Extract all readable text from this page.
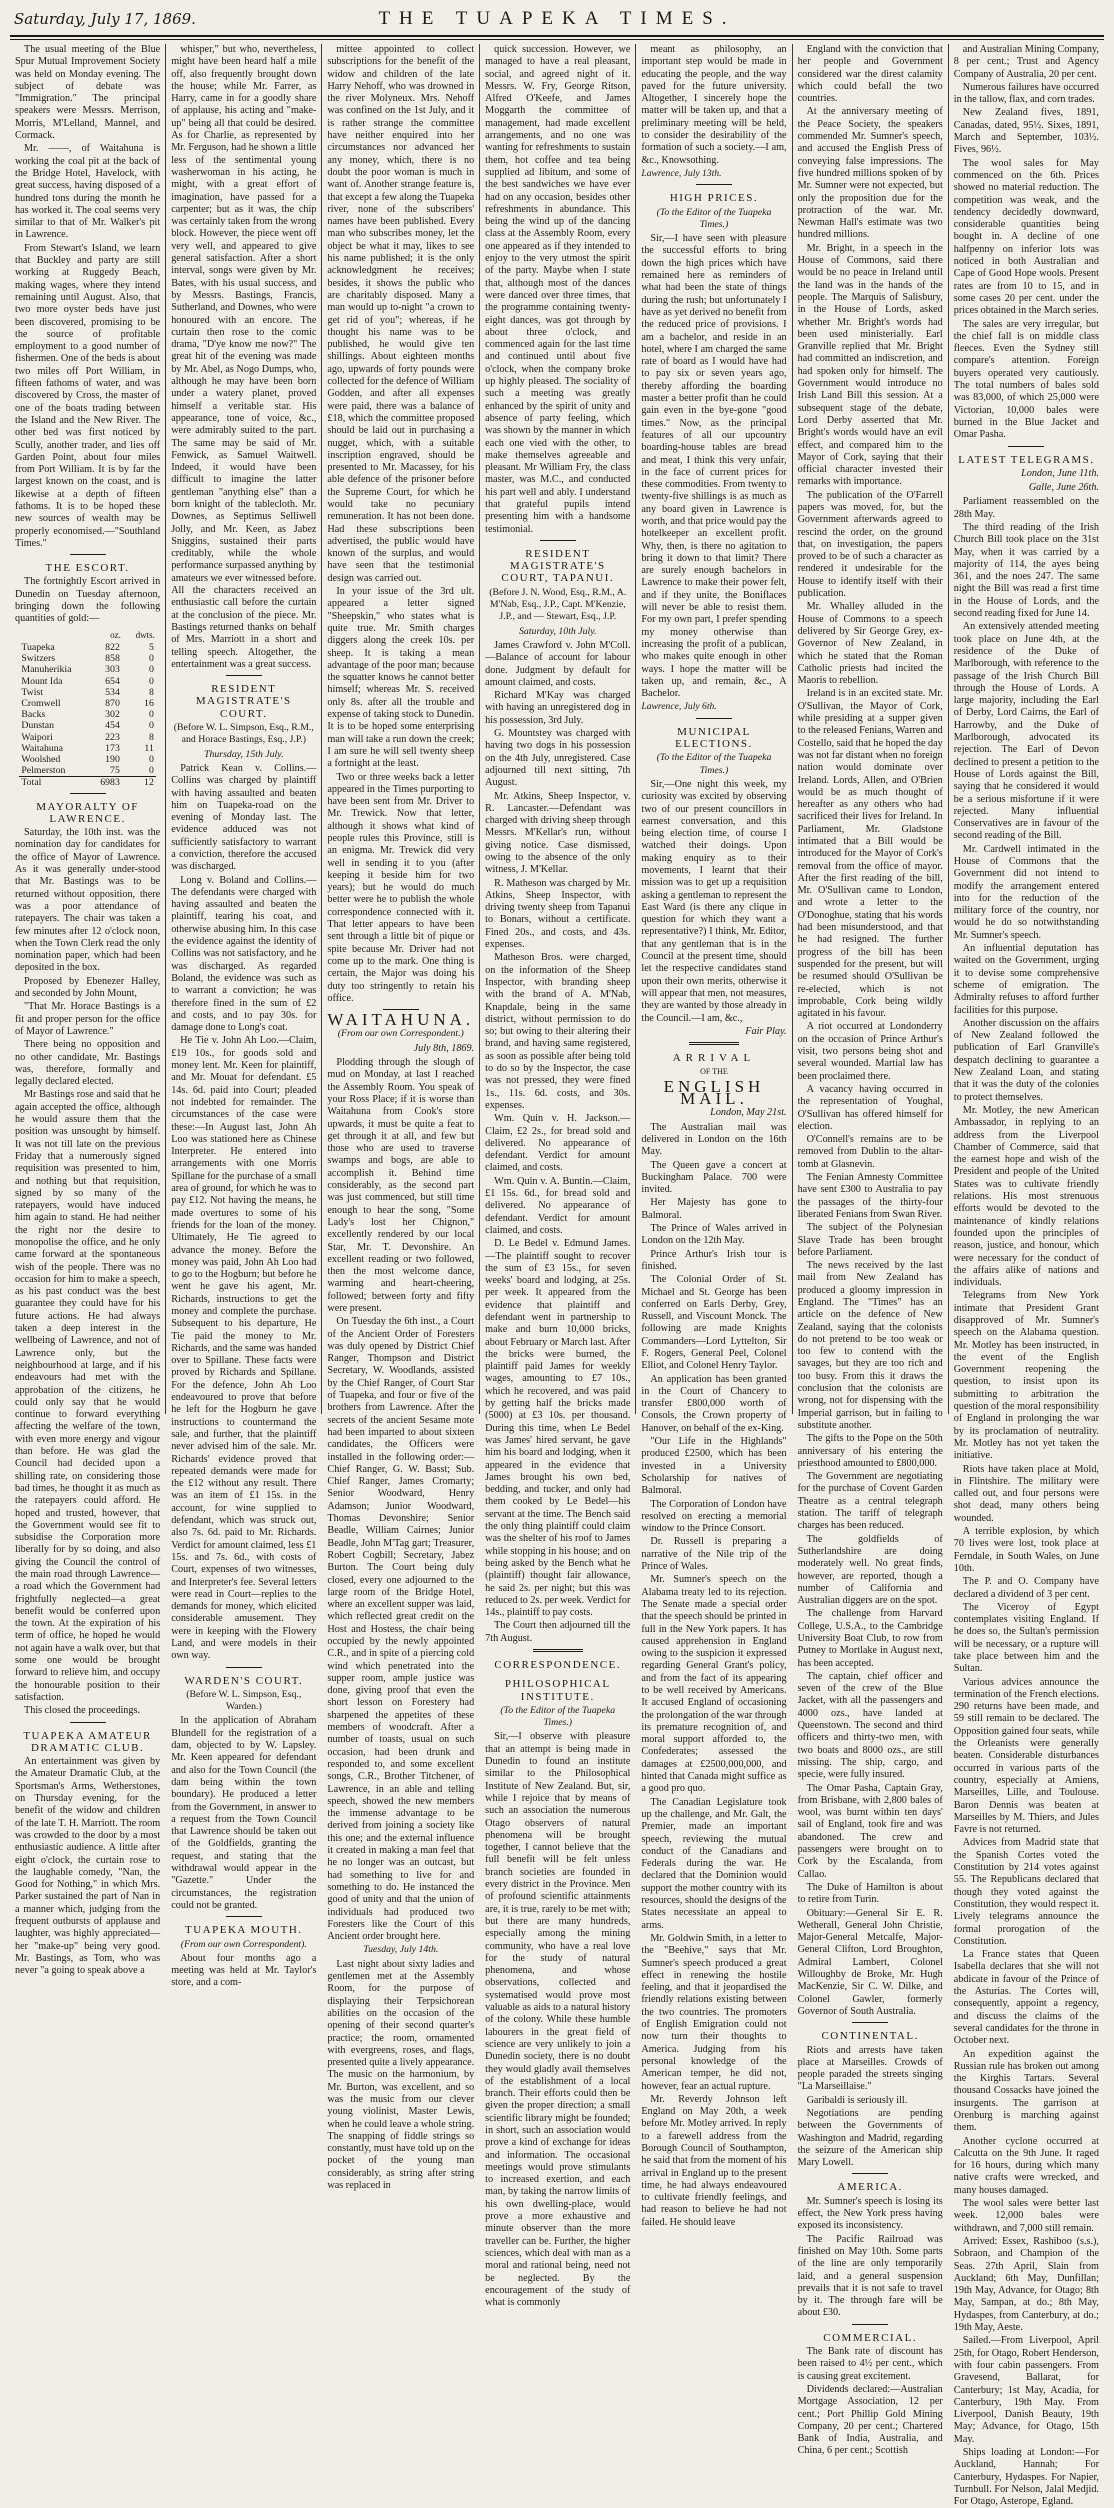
Saturday, July 17, 1869.	THE TUAPEKA TIMES.

The usual meeting of the Blue Spur Mutual Improvement Society was held on Monday evening. The subject of debate was "Immigration." The principal speakers were Messrs. Merrison, Morris, M'Lelland, Mannel, and Cormack.

Mr. ——, of Waitahuna is working the coal pit at the back of the Bridge Hotel, Havelock, with great success, having disposed of a hundred tons during the month he has worked it. The coal seems very similar to that of Mr. Walker's pit in Lawrence.

From Stewart's Island, we learn that Buckley and party are still working at Ruggedy Beach, making wages, where they intend remaining until August. Also, that two more oyster beds have just been discovered, promising to be the source of profitable employment to a good number of fishermen. One of the beds is about two miles off Port William, in fifteen fathoms of water, and was discovered by Cross, the master of one of the boats trading between the Island and the New River. The other bed was first noticed by Scully, another trader, and lies off Garden Point, about four miles from Port William. It is by far the largest known on the coast, and is likewise at a depth of fifteen fathoms. It is to be hoped these new sources of wealth may be properly economised.—"Southland Times."

THE ESCORT.

The fortnightly Escort arrived in Dunedin on Tuesday afternoon, bringing down the following quantities of gold:—

	oz.	dwts.
Tuapeka	822	5
Switzers	858	0
Manuherikia	303	0
Mount Ida	654	0
Twist	534	8
Cromwell	870	16
Backs	302	0
Dunstan	454	0
Waipori	223	8
Waitahuna	173	11
Woolshed	190	0
Pelmerston	75	0
Total	6983	12
MAYORALTY OF LAWRENCE.

Saturday, the 10th inst. was the nomination day for candidates for the office of Mayor of Lawrence. As it was generally under-stood that Mr. Bastings was to be returned without opposition, there was a poor attendance of ratepayers. The chair was taken a few minutes after 12 o'clock noon, when the Town Clerk read the only nomination paper, which had been deposited in the box.

Proposed by Ebenezer Halley, and seconded by John Mount,

"That Mr. Horace Bastings is a fit and proper person for the office of Mayor of Lawrence."

There being no opposition and no other candidate, Mr. Bastings was, therefore, formally and legally declared elected.

Mr Bastings rose and said that he again accepted the office, although he would assure them that the position was unsought by himself. It was not till late on the previous Friday that a numerously signed requisition was presented to him, and nothing but that requisition, signed by so many of the ratepayers, would have induced him again to stand. He had neither the right nor the desire to monopolise the office, and he only came forward at the spontaneous wish of the people. There was no occasion for him to make a speech, as his past conduct was the best guarantee they could have for his future actions. He had always taken a deep interest in the wellbeing of Lawrence, and not of Lawrence only, but the neighbourhood at large, and if his endeavours had met with the approbation of the citizens, he could only say that he would continue to forward everything affecting the welfare of the town, with even more energy and vigour than before. He was glad the Council had decided upon a shilling rate, on considering those bad times, he thought it as much as the ratepayers could afford. He hoped and trusted, however, that the Government would see fit to subsidise the Corporation more liberally for by so doing, and also giving the Council the control of the main road through Lawrence—a road which the Government had frightfully neglected—a great benefit would be conferred upon the town. At the expiration of his term of office, he hoped he would not again have a walk over, but that some one would be brought forward to relieve him, and occupy the honourable position to their satisfaction.

This closed the proceedings.

TUAPEKA AMATEUR DRAMATIC CLUB.

An entertainment was given by the Amateur Dramatic Club, at the Sportsman's Arms, Wetherstones, on Thursday evening, for the benefit of the widow and children of the late T. H. Marriott. The room was crowded to the door by a most enthusiastic audience. A little after eight o'clock, the curtain rose to the laughable comedy, "Nan, the Good for Nothing," in which Mrs. Parker sustained the part of Nan in a manner which, judging from the frequent outbursts of applause and laughter, was highly appreciated—her "make-up" being very good. Mr. Bastings, as Tom, who was never "a going to speak above a

whisper," but who, nevertheless, might have been heard half a mile off, also frequently brought down the house; while Mr. Farrer, as Harry, came in for a goodly share of applause, his acting and "make-up" being all that could be desired. As for Charlie, as represented by Mr. Ferguson, had he shown a little less of the sentimental young washerwoman in his acting, he might, with a great effort of imagination, have passed for a carpenter; but as it was, the chip was certainly taken from the wrong block. However, the piece went off very well, and appeared to give general satisfaction. After a short interval, songs were given by Mr. Bates, with his usual success, and by Messrs. Bastings, Francis, Sutherland, and Downes, who were honoured with an encore. The curtain then rose to the comic drama, "D'ye know me now?" The great hit of the evening was made by Mr. Abel, as Nogo Dumps, who, although he may have been born under a watery planet, proved himself a veritable star. His appearance, tone of voice, &c., were admirably suited to the part. The same may be said of Mr. Fenwick, as Samuel Waitwell. Indeed, it would have been difficult to imagine the latter gentleman "anything else" than a born knight of the tablecloth. Mr. Downes, as Septimus Selliwell Jolly, and Mr. Keen, as Jabez Sniggins, sustained their parts creditably, while the whole performance surpassed anything by amateurs we ever witnessed before. All the characters received an enthusiastic call before the curtain at the conclusion of the piece. Mr. Bastings returned thanks on behalf of Mrs. Marriott in a short and telling speech. Altogether, the entertainment was a great success.

RESIDENT MAGISTRATE'S COURT.
(Before W. L. Simpson, Esq., R.M., and Horace Bastings, Esq., J.P.)
Thursday, 15th July.

Patrick Kean v. Collins.—Collins was charged by plaintiff with having assaulted and beaten him on Tuapeka-road on the evening of Monday last. The evidence adduced was not sufficiently satisfactory to warrant a conviction, therefore the accused was discharged.

Long v. Boland and Collins.—The defendants were charged with having assaulted and beaten the plaintiff, tearing his coat, and otherwise abusing him. In this case the evidence against the identity of Collins was not satisfactory, and he was discharged. As regarded Boland, the evidence was such as to warrant a conviction; he was therefore fined in the sum of £2 and costs, and to pay 30s. for damage done to Long's coat.

He Tie v. John Ah Loo.—Claim, £19 10s., for goods sold and money lent. Mr. Keen for plaintiff, and Mr. Mouat for defendant. £5 14s. 6d. paid into Court; pleaded not indebted for remainder. The circumstances of the case were these:—In August last, John Ah Loo was stationed here as Chinese Interpreter. He entered into arrangements with one Morris Spillane for the purchase of a small area of ground, for which he was to pay £12. Not having the means, he made overtures to some of his friends for the loan of the money. Ultimately, He Tie agreed to advance the money. Before the money was paid, John Ah Loo had to go to the Hogburn; but before he went he gave his agent, Mr. Richards, instructions to get the money and complete the purchase. Subsequent to his departure, He Tie paid the money to Mr. Richards, and the same was handed over to Spillane. These facts were proved by Richards and Spillane. For the defence, John Ah Loo endeavoured to prove that before he left for the Hogburn he gave instructions to countermand the sale, and further, that the plaintiff never advised him of the sale. Mr. Richards' evidence proved that repeated demands were made for the £12 without any result. There was an item of £1 15s. in the account, for wine supplied to defendant, which was struck out, also 7s. 6d. paid to Mr. Richards. Verdict for amount claimed, less £1 15s. and 7s. 6d., with costs of Court, expenses of two witnesses, and Interpreter's fee. Several letters were read in Court—replies to the demands for money, which elicited considerable amusement. They were in keeping with the Flowery Land, and were models in their own way.

WARDEN'S COURT.
(Before W. L. Simpson, Esq., Warden.)

In the application of Abraham Blundell for the registration of a dam, objected to by W. Lapsley. Mr. Keen appeared for defendant and also for the Town Council (the dam being within the town boundary). He produced a letter from the Government, in answer to a request from the Town Council that Lawrence should be taken out of the Goldfields, granting the request, and stating that the withdrawal would appear in the "Gazette." Under the circumstances, the registration could not be granted.

TUAPEKA MOUTH.
(From our own Correspondent).

About four months ago a meeting was held at Mr. Taylor's store, and a com-

mittee appointed to collect subscriptions for the benefit of the widow and children of the late Harry Nehoff, who was drowned in the river Molyneux. Mrs. Nehoff was confined on the 1st July, and it is rather strange the committee have neither enquired into her circumstances nor advanced her any money, which, there is no doubt the poor woman is much in want of. Another strange feature is, that except a few along the Tuapeka river, none of the subscribers' names have been published. Every man who subscribes money, let the object be what it may, likes to see his name published; it is the only acknowledgment he receives; besides, it shows the public who are charitably disposed. Many a man would up to-night "a crown to get rid of you"; whereas, if he thought his name was to be published, he would give ten shillings. About eighteen months ago, upwards of forty pounds were collected for the defence of William Godden, and after all expenses were paid, there was a balance of £18, which the committee proposed should be laid out in purchasing a nugget, which, with a suitable inscription engraved, should be presented to Mr. Macassey, for his able defence of the prisoner before the Supreme Court, for which he would take no pecuniary remuneration. It has not been done. Had these subscriptions been advertised, the public would have known of the surplus, and would have seen that the testimonial design was carried out.

In your issue of the 3rd ult. appeared a letter signed "Sheepskin," who states what is quite true. Mr. Smith charges diggers along the creek 10s. per sheep. It is taking a mean advantage of the poor man; because the squatter knows he cannot better himself; whereas Mr. S. received only 8s. after all the trouble and expense of taking stock to Dunedin. It is to be hoped some enterprising man will take a run down the creek; I am sure he will sell twenty sheep a fortnight at the least.

Two or three weeks back a letter appeared in the Times purporting to have been sent from Mr. Driver to Mr. Trewick. Now that letter, although it shows what kind of people rules this Province, still is an enigma. Mr. Trewick did very well in sending it to you (after keeping it beside him for two years); but he would do much better were he to publish the whole correspondence connected with it. That letter appears to have been sent through a little bit of pique or spite because Mr. Driver had not come up to the mark. One thing is certain, the Major was doing his duty too stringently to retain his office.

WAITAHUNA.
(From our own Correspondent.)
July 8th, 1869.

Plodding through the slough of mud on Monday, at last I reached the Assembly Room. You speak of your Ross Place; if it is worse than Waitahuna from Cook's store upwards, it must be quite a feat to get through it at all, and few but those who are used to traverse swamps and bogs, are able to accomplish it. Behind time considerably, as the second part was just commenced, but still time enough to hear the song, "Some Lady's lost her Chignon," excellently rendered by our local Star, Mr. T. Devonshire. An excellent reading or two followed, then the most welcome dance, warming and heart-cheering, followed; between forty and fifty were present.

On Tuesday the 6th inst., a Court of the Ancient Order of Foresters was duly opened by District Chief Ranger, Thompson and District Secretary, W. Woodlands, assisted by the Chief Ranger, of Court Star of Tuapeka, and four or five of the brothers from Lawrence. After the secrets of the ancient Sesame mote had been imparted to about sixteen candidates, the Officers were installed in the following order:—Chief Ranger, G. W. Basst; Sub. Chief Ranger, James Cromarty; Senior Woodward, Henry Adamson; Junior Woodward, Thomas Devonshire; Senior Beadle, William Cairnes; Junior Beadle, John M'Tag gart; Treasurer, Robert Cogbill; Secretary, Jabez Burton. The Court being duly closed, every one adjourned to the large room of the Bridge Hotel, where an excellent supper was laid, which reflected great credit on the Host and Hostess, the chair being occupied by the newly appointed C.R., and in spite of a piercing cold wind which penetrated into the supper room, ample justice was done, giving proof that even the short lesson on Forestery had sharpened the appetites of these members of woodcraft. After a number of toasts, usual on such occasion, had been drunk and responded to, and some excellent songs, C.R., Brother Titchener, of Lawrence, in an able and telling speech, showed the new members the immense advantage to be derived from joining a society like this one; and the external influence it created in making a man feel that he no longer was an outcast, but had something to live for and something to do. He instanced the good of unity and that the union of individuals had produced two Foresters like the Court of this Ancient order brought here.

Tuesday, July 14th.

Last night about sixty ladies and gentlemen met at the Assembly Room, for the purpose of displaying their Terpsichorean abilities on the occasion of the opening of their second quarter's practice; the room, ornamented with evergreens, roses, and flags, presented quite a lively appearance. The music on the harmonium, by Mr. Burton, was excellent, and so was the music from our clever young violinist, Master Lewis, when he could leave a whole string. The snapping of fiddle strings so constantly, must have told up on the pocket of the young man considerably, as string after string was replaced in

quick succession. However, we managed to have a real pleasant, social, and agreed night of it. Messrs. W. Fry, George Ritson, Alfred O'Keefe, and James Moggarth the committee of management, had made excellent arrangements, and no one was wanting for refreshments to sustain them, hot coffee and tea being supplied ad libitum, and some of the best sandwiches we have ever had on any occasion, besides other refreshments in abundance. This being the wind up of the dancing class at the Assembly Room, every one appeared as if they intended to enjoy to the very utmost the spirit of the party. Maybe when I state that, although most of the dances were danced over three times, that the programme containing twenty-eight dances, was got through by about three o'clock, and commenced again for the last time and continued until about five o'clock, when the company broke up highly pleased. The sociality of such a meeting was greatly enhanced by the spirit of unity and absence of party feeling, which was shown by the manner in which each one vied with the other, to make themselves agreeable and pleasant. Mr William Fry, the class master, was M.C., and conducted his part well and ably. I understand that grateful pupils intend presenting him with a handsome testimonial.

RESIDENT MAGISTRATE'S COURT, TAPANUI.
(Before J. N. Wood, Esq., R.M., A. M'Nab, Esq., J.P., Capt. M'Kenzie, J.P., and — Stewart, Esq., J.P.
Saturday, 10th July.

James Crawford v. John M'Coll.—Balance of account for labour done. Judgment by default for amount claimed, and costs.

Richard M'Kay was charged with having an unregistered dog in his possession, 3rd July.

G. Mountstey was charged with having two dogs in his possession on the 4th July, unregistered. Case adjourned till next sitting, 7th August.

Mr. Atkins, Sheep Inspector, v. R. Lancaster.—Defendant was charged with driving sheep through Messrs. M'Kellar's run, without giving notice. Case dismissed, owing to the absence of the only witness, J. M'Kellar.

R. Matheson was charged by Mr. Atkins, Sheep Inspector, with driving twenty sheep from Tapanui to Bonars, without a certificate. Fined 20s., and costs, and 43s. expenses.

Matheson Bros. were charged, on the information of the Sheep Inspector, with branding sheep with the brand of A. M'Nab, Knapdale, being in the same district, without permission to do so; but owing to their altering their brand, and having same registered, as soon as possible after being told to do so by the Inspector, the case was not pressed, they were fined 1s., 11s. 6d. costs, and 30s. expenses.

Wm. Quin v. H. Jackson.—Claim, £2 2s., for bread sold and delivered. No appearance of defendant. Verdict for amount claimed, and costs.

Wm. Quin v. A. Buntin.—Claim, £1 15s. 6d., for bread sold and delivered. No appearance of defendant. Verdict for amount claimed, and costs.

D. Le Bedel v. Edmund James.—The plaintiff sought to recover the sum of £3 15s., for seven weeks' board and lodging, at 25s. per week. It appeared from the evidence that plaintiff and defendant went in partnership to make and burn 10,000 bricks, about February or March last. After the bricks were burned, the plaintiff paid James for weekly wages, amounting to £7 10s., which he recovered, and was paid by getting half the bricks made (5000) at £3 10s. per thousand. During this time, when Le Bedel was James' hired servant, he gave him his board and lodging, when it appeared in the evidence that James brought his own bed, bedding, and tucker, and only had them cooked by Le Bedel—his servant at the time. The Bench said the only thing plaintiff could claim was the shelter of his roof to James while stopping in his house; and on being asked by the Bench what he (plaintiff) thought fair allowance, he said 2s. per night; but this was reduced to 2s. per week. Verdict for 14s., plaintiff to pay costs.

The Court then adjourned till the 7th August.

CORRESPONDENCE.
PHILOSOPHICAL INSTITUTE.
(To the Editor of the Tuapeka Times.)

Sir,—I observe with pleasure that an attempt is being made in Dunedin to found an institute similar to the Philosophical Institute of New Zealand. But, sir, while I rejoice that by means of such an association the numerous Otago observers of natural phenomena will be brought together, I cannot believe that the full benefit will be felt unless branch societies are founded in every district in the Province. Men of profound scientific attainments are, it is true, rarely to be met with; but there are many hundreds, especially among the mining community, who have a real love for the study of natural phenomena, and whose observations, collected and systematised would prove most valuable as aids to a natural history of the colony. While these humble labourers in the great field of science are very unlikely to join a Dunedin society, there is no doubt they would gladly avail themselves of the establishment of a local branch. Their efforts could then be given the proper direction; a small scientific library might be founded; in short, such an association would prove a kind of exchange for ideas and information. The occasional meetings would prove stimulants to increased exertion, and each man, by taking the narrow limits of his own dwelling-place, would prove a more exhaustive and minute observer than the more traveller can be. Further, the higher sciences, which deal with man as a moral and rational being, need not be neglected. By the encouragement of the study of what is commonly

meant as philosophy, an important step would be made in educating the people, and the way paved for the future university. Altogether, I sincerely hope the matter will be taken up, and that a preliminary meeting will be held, to consider the desirability of the formation of such a society.—I am, &c., Knowsothing.

Lawrence, July 13th.
HIGH PRICES.
(To the Editor of the Tuapeka Times.)

Sir,—I have seen with pleasure the successful efforts to bring down the high prices which have remained here as reminders of what had been the state of things during the rush; but unfortunately I have as yet derived no benefit from the reduced price of provisions. I am a bachelor, and reside in an hotel, where I am charged the same rate of board as I would have had to pay six or seven years ago, thereby affording the boarding master a better profit than he could gain even in the bye-gone "good times." Now, as the principal features of all our upcountry boarding-house tables are bread and meat, I think this very unfair, in the face of current prices for these commodities. From twenty to twenty-five shillings is as much as any board given in Lawrence is worth, and that price would pay the hotelkeeper an excellent profit. Why, then, is there no agitation to bring it down to that limit? There are surely enough bachelors in Lawrence to make their power felt, and if they unite, the Boniflaces will never be able to resist them. For my own part, I prefer spending my money otherwise than increasing the profit of a publican, who makes quite enough in other ways. I hope the matter will be taken up, and remain, &c., A Bachelor.

Lawrence, July 6th.
MUNICIPAL ELECTIONS.
(To the Editor of the Tuapeka Times.)

Sir,—One night this week, my curiosity was excited by observing two of our present councillors in earnest conversation, and this being election time, of course I watched their doings. Upon making enquiry as to their movements, I learnt that their mission was to get up a requisition asking a gentleman to represent the East Ward (is there any clique in question for which they want a representative?) I think, Mr. Editor, that any gentleman that is in the Council at the present time, should let the respective candidates stand upon their own merits, otherwise it will appear that men, not measures, they are wanted by those already in the Council.—I am, &c.,

Fair Play.
ARRIVAL
OF THE
ENGLISH MAIL.
London, May 21st.

The Australian mail was delivered in London on the 16th May.

The Queen gave a concert at Buckingham Palace. 700 were invited.

Her Majesty has gone to Balmoral.

The Prince of Wales arrived in London on the 12th May.

Prince Arthur's Irish tour is finished.

The Colonial Order of St. Michael and St. George has been conferred on Earls Derby, Grey, Russell, and Viscount Monck. The following are made Knights Commanders—Lord Lyttelton, Sir F. Rogers, General Peel, Colonel Elliot, and Colonel Henry Taylor.

An application has been granted in the Court of Chancery to transfer £800,000 worth of Consols, the Crown property of Hanover, on behalf of the ex-King.

"Our Life in the Highlands" produced £2500, which has been invested in a University Scholarship for natives of Balmoral.

The Corporation of London have resolved on erecting a memorial window to the Prince Consort.

Dr. Russell is preparing a narrative of the Nile trip of the Prince of Wales.

Mr. Sumner's speech on the Alabama treaty led to its rejection. The Senate made a special order that the speech should be printed in full in the New York papers. It has caused apprehension in England owing to the suspicion it expressed regarding General Grant's policy, and from the fact of its appearing to be well received by Americans. It accused England of occasioning the prolongation of the war through its premature recognition of, and moral support afforded to, the Confederates; assessed the damages at £2500,000,000, and hinted that Canada might suffice as a good pro quo.

The Canadian Legislature took up the challenge, and Mr. Galt, the Premier, made an important speech, reviewing the mutual conduct of the Canadians and Federals during the war. He declared that the Dominion would support the mother country with its resources, should the designs of the States necessitate an appeal to arms.

Mr. Goldwin Smith, in a letter to the "Beehive," says that Mr. Sumner's speech produced a great effect in renewing the hostile feeling, and that it jeopardised the friendly relations existing between the two countries. The promoters of English Emigration could not now turn their thoughts to America. Judging from his personal knowledge of the American temper, he did not, however, fear an actual rupture.

Mr. Reverdy Johnson left England on May 20th, a week before Mr. Motley arrived. In reply to a farewell address from the Borough Council of Southampton, he said that from the moment of his arrival in England up to the present time, he had always endeavoured to cultivate friendly feelings, and had reason to believe he had not failed. He should leave

England with the conviction that her people and Government considered war the direst calamity which could befall the two countries.

At the anniversary meeting of the Peace Society, the speakers commended Mr. Sumner's speech, and accused the English Press of conveying false impressions. The five hundred millions spoken of by Mr. Sumner were not expected, but only the proposition due for the protraction of the war. Mr. Newman Hall's estimate was two hundred millions.

Mr. Bright, in a speech in the House of Commons, said there would be no peace in Ireland until the land was in the hands of the people. The Marquis of Salisbury, in the House of Lords, asked whether Mr. Bright's words had been used ministerially. Earl Granville replied that Mr. Bright had committed an indiscretion, and had spoken only for himself. The Government would introduce no Irish Land Bill this session. At a subsequent stage of the debate, Lord Derby asserted that Mr. Bright's words would have an evil effect, and compared him to the Mayor of Cork, saying that their official character invested their remarks with importance.

The publication of the O'Farrell papers was moved, for, but the Government afterwards agreed to rescind the order, on the ground that, on investigation, the papers proved to be of such a character as rendered it undesirable for the House to identify itself with their publication.

Mr. Whalley alluded in the House of Commons to a speech delivered by Sir George Grey, ex-Governor of New Zealand, in which he stated that the Roman Catholic priests had incited the Maoris to rebellion.

Ireland is in an excited state. Mr. O'Sullivan, the Mayor of Cork, while presiding at a supper given to the released Fenians, Warren and Costello, said that he hoped the day was not far distant when no foreign nation would dominate over Ireland. Lords, Allen, and O'Brien would be as much thought of hereafter as any others who had sacrificed their lives for Ireland. In Parliament, Mr. Gladstone intimated that a Bill would be introduced for the Mayor of Cork's removal from the office of mayor. After the first reading of the bill, Mr. O'Sullivan came to London, and wrote a letter to the O'Donoghue, stating that his words had been misunderstood, and that he had resigned. The further progress of the bill has been suspended for the present, but will be resumed should O'Sullivan be re-elected, which is not improbable, Cork being wildly agitated in his favour.

A riot occurred at Londonderry on the occasion of Prince Arthur's visit, two persons being shot and several wounded. Martial law has been proclaimed there.

A vacancy having occurred in the representation of Youghal, O'Sullivan has offered himself for election.

O'Connell's remains are to be removed from Dublin to the altar-tomb at Glasnevin.

The Fenian Amnesty Committee have sent £300 to Australia to pay the passages of the thirty-four liberated Fenians from Swan River.

The subject of the Polynesian Slave Trade has been brought before Parliament.

The news received by the last mail from New Zealand has produced a gloomy impression in England. The "Times" has an article on the defence of New Zealand, saying that the colonists do not pretend to be too weak or too few to contend with the savages, but they are too rich and too busy. From this it draws the conclusion that the colonists are wrong, not for dispensing with the Imperial garrison, but in failing to substitute another.

The gifts to the Pope on the 50th anniversary of his entering the priesthood amounted to £800,000.

The Government are negotiating for the purchase of Covent Garden Theatre as a central telegraph station. The tariff of telegraph charges has been reduced.

The goldfields of Sutherlandshire are doing moderately well. No great finds, however, are reported, though a number of California and Australian diggers are on the spot.

The challenge from Harvard College, U.S.A., to the Cambridge University Boat Club, to row from Putney to Mortlake in August next, has been accepted.

The captain, chief officer and seven of the crew of the Blue Jacket, with all the passengers and 4000 ozs., have landed at Queenstown. The second and third officers and thirty-two men, with two boats and 8000 ozs., are still missing. The ship, cargo, and specie, were fully insured.

The Omar Pasha, Captain Gray, from Brisbane, with 2,800 bales of wool, was burnt within ten days' sail of England, took fire and was abandoned. The crew and passengers were brought on to Cork by the Escalanda, from Callao.

The Duke of Hamilton is about to retire from Turin.

Obituary:—General Sir E. R. Wetherall, General John Christie, Major-General Metcalfe, Major-General Clifton, Lord Broughton, Admiral Lambert, Colonel Willoughby de Broke, Mr. Hugh MacKenzie, Sir C. W. Dilke, and Colonel Gawler, formerly Governor of South Australia.

CONTINENTAL.

Riots and arrests have taken place at Marseilles. Crowds of people paraded the streets singing "La Marseillaise."

Garibaldi is seriously ill.

Negotiations are pending between the Governments of Washington and Madrid, regarding the seizure of the American ship Mary Lowell.

AMERICA.

Mr. Sumner's speech is losing its effect, the New York press having exposed its inconsistency.

The Pacific Railroad was finished on May 10th. Some parts of the line are only temporarily laid, and a general suspension prevails that it is not safe to travel by it. The through fare will be about £30.

COMMERCIAL.

The Bank rate of discount has been raised to 4½ per cent., which is causing great excitement.

Dividends declared:—Australian Mortgage Association, 12 per cent.; Port Phillip Gold Mining Company, 20 per cent.; Chartered Bank of India, Australia, and China, 6 per cent.; Scottish

and Australian Mining Company, 8 per cent.; Trust and Agency Company of Australia, 20 per cent.

Numerous failures have occurred in the tallow, flax, and corn trades.

New Zealand fives, 1891, Canadas, dated, 95½. Sixes, 1891, March and September, 103½. Fives, 96½.

The wool sales for May commenced on the 6th. Prices showed no material reduction. The competition was weak, and the tendency decidedly downward, considerable quantities being bought in. A decline of one halfpenny on inferior lots was noticed in both Australian and Cape of Good Hope wools. Present rates are from 10 to 15, and in some cases 20 per cent. under the prices obtained in the March series.

The sales are very irregular, but the chief fall is on middle class fleeces. Even the Sydney still compare's attention. Foreign buyers operated very cautiously. The total numbers of bales sold was 83,000, of which 25,000 were Victorian, 10,000 bales were burned in the Blue Jacket and Omar Pasha.

LATEST TELEGRAMS.
London, June 11th.
Galle, June 26th.

Parliament reassembled on the 28th May.

The third reading of the Irish Church Bill took place on the 31st May, when it was carried by a majority of 114, the ayes being 361, and the noes 247. The same night the Bill was read a first time in the House of Lords, and the second reading fixed for June 14.

An extensively attended meeting took place on June 4th, at the residence of the Duke of Marlborough, with reference to the passage of the Irish Church Bill through the House of Lords. A large majority, including the Earl of Derby, Lord Cairns, the Earl of Harrowby, and the Duke of Marlborough, advocated its rejection. The Earl of Devon declined to present a petition to the House of Lords against the Bill, saying that he considered it would be a serious misfortune if it were rejected. Many influential Conservatives are in favour of the second reading of the Bill.

Mr. Cardwell intimated in the House of Commons that the Government did not intend to modify the arrangement entered into for the reduction of the military force of the country, nor would he do so notwithstanding Mr. Sumner's speech.

An influential deputation has waited on the Government, urging it to devise some comprehensive scheme of emigration. The Admiralty refuses to afford further facilities for this purpose.

Another discussion on the affairs of New Zealand followed the publication of Earl Granville's despatch declining to guarantee a New Zealand Loan, and stating that it was the duty of the colonies to protect themselves.

Mr. Motley, the new American Ambassador, in replying to an address from the Liverpool Chamber of Commerce, said that the earnest hope and wish of the President and people of the United States was to cultivate friendly relations. His most strenuous efforts would be devoted to the maintenance of kindly relations founded upon the principles of reason, justice, and honour, which were necessary for the conduct of the affairs alike of nations and individuals.

Telegrams from New York intimate that President Grant disapproved of Mr. Sumner's speech on the Alabama question. Mr. Motley has been instructed, in the event of the English Government reopening the question, to insist upon its submitting to arbitration the question of the moral responsibility of England in prolonging the war by its proclamation of neutrality. Mr. Motley has not yet taken the initiative.

Riots have taken place at Mold, in Flintshire. The military were called out, and four persons were shot dead, many others being wounded.

A terrible explosion, by which 70 lives were lost, took place at Ferndale, in South Wales, on June 10th.

The P. and O. Company have declared a dividend of 3 per cent.

The Viceroy of Egypt contemplates visiting England. If he does so, the Sultan's permission will be necessary, or a rupture will take place between him and the Sultan.

Various advices announce the termination of the French elections. 290 returns have been made, and 59 still remain to be declared. The Opposition gained four seats, while the Orleanists were generally beaten. Considerable disturbances occurred in various parts of the country, especially at Amiens, Marseilles, Lille, and Toulouse. Baron Dennis was beaten at Marseilles by M. Thiers, and Jules Favre is not returned.

Advices from Madrid state that the Spanish Cortes voted the Constitution by 214 votes against 55. The Republicans declared that though they voted against the Constitution, they would respect it. Lively telegrams announce the formal prorogation of the Constitution.

La France states that Queen Isabella declares that she will not abdicate in favour of the Prince of the Asturias. The Cortes will, consequently, appoint a regency, and discuss the claims of the several candidates for the throne in October next.

An expedition against the Russian rule has broken out among the Kirghis Tartars. Several thousand Cossacks have joined the insurgents. The garrison at Orenburg is marching against them.

Another cyclone occurred at Calcutta on the 9th June. It raged for 16 hours, during which many native crafts were wrecked, and many houses damaged.

The wool sales were better last week. 12,000 bales were withdrawn, and 7,000 still remain.

Arrived: Essex, Rashiboo (s.s.), Sobraon, and Champion of the Seas. 27th April, Slain from Auckland; 6th May, Dunfillan; 19th May, Advance, for Otago; 8th May, Sampan, at do.; 8th May, Hydaspes, from Canterbury, at do.; 19th May, Aeste.

Sailed.—From Liverpool, April 25th, for Otago, Robert Henderson, with four cabin passengers. From Gravesend, Ballarat, for Canterbury; 1st May, Acadia, for Canterbury, 19th May. From Liverpool, Danish Beauty, 19th May; Advance, for Otago, 15th May.

Ships loading at London:—For Auckland, Hannah; For Canterbury, Hydaspes. For Napier, Turnbull. For Nelson, Jalal Medjid. For Otago, Asterope, Egland.
